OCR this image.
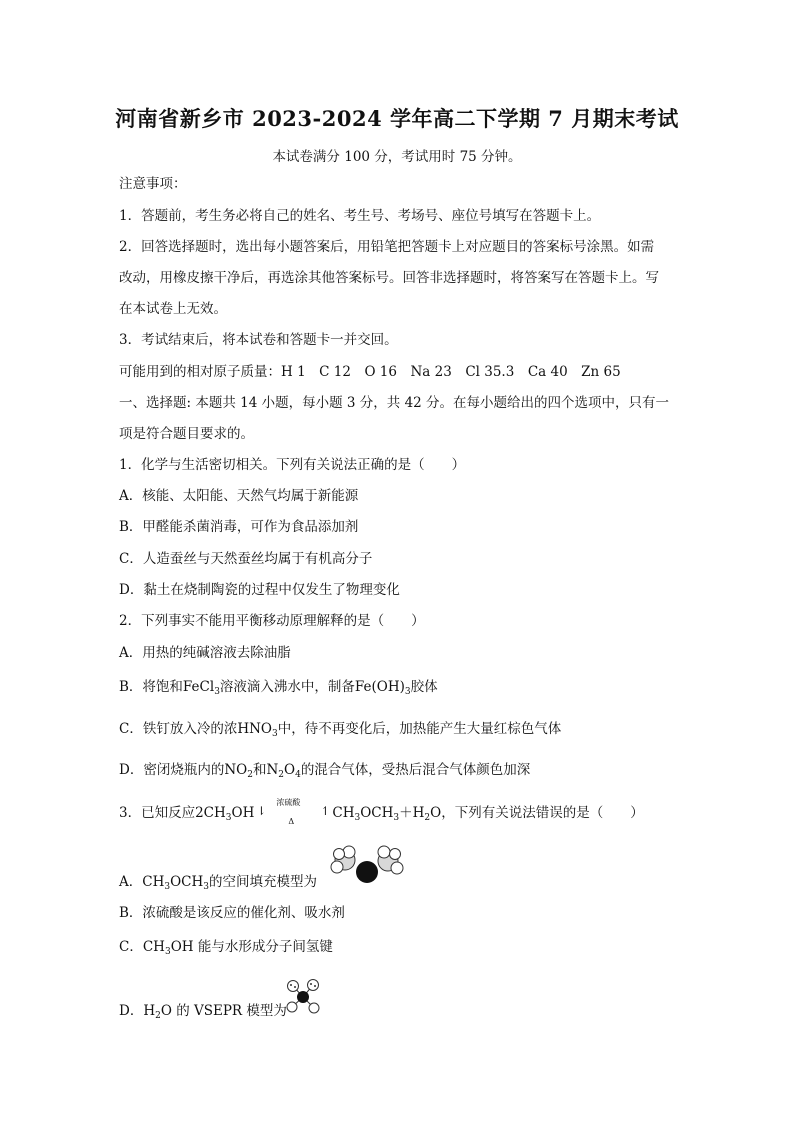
河南省新乡市 2023-2024 学年高二下学期 7 月期末考试
本试卷满分 100 分，考试用时 75 分钟。
注意事项：
1．答题前，考生务必将自己的姓名、考生号、考场号、座位号填写在答题卡上。
2．回答选择题时，选出每小题答案后，用铅笔把答题卡上对应题目的答案标号涂黑。如需
改动，用橡皮擦干净后，再选涂其他答案标号。回答非选择题时，将答案写在答题卡上。写
在本试卷上无效。
3．考试结束后，将本试卷和答题卡一并交回。
可能用到的相对原子质量：H 1　C 12　O 16　Na 23　Cl 35.3　Ca 40　Zn 65
一、选择题: 本题共 14 小题，每小题 3 分，共 42 分。在每小题给出的四个选项中，只有一
项是符合题目要求的。
1．化学与生活密切相关。下列有关说法正确的是（　　）
A．核能、太阳能、天然气均属于新能源
B．甲醛能杀菌消毒，可作为食品添加剂
C．人造蚕丝与天然蚕丝均属于有机高分子
D．黏土在烧制陶瓷的过程中仅发生了物理变化
2．下列事实不能用平衡移动原理解释的是（　　）
A．用热的纯碱溶液去除油脂
B．将饱和FeCl$_3$溶液滴入沸水中，制备$Fe(OH)_3$胶体
C．铁钉放入冷的浓$HNO_3$中，待不再变化后，加热能产生大量红棕色气体
D．密闭烧瓶内的$NO_2$和$N_2O_4$的混合气体，受热后混合气体颜色加深
3．已知反应$2CH_3OH$ ⇂
浓硫酸
Δ
↿ $CH_3OCH_3+H_2O$，下列有关说法错误的是（　　）
A．$CH_3OCH_3$的空间填充模型为
B．浓硫酸是该反应的催化剂、吸水剂
C．$CH_3OH$ 能与水形成分子间氢键
D．$H_2O$ 的 VSEPR 模型为
